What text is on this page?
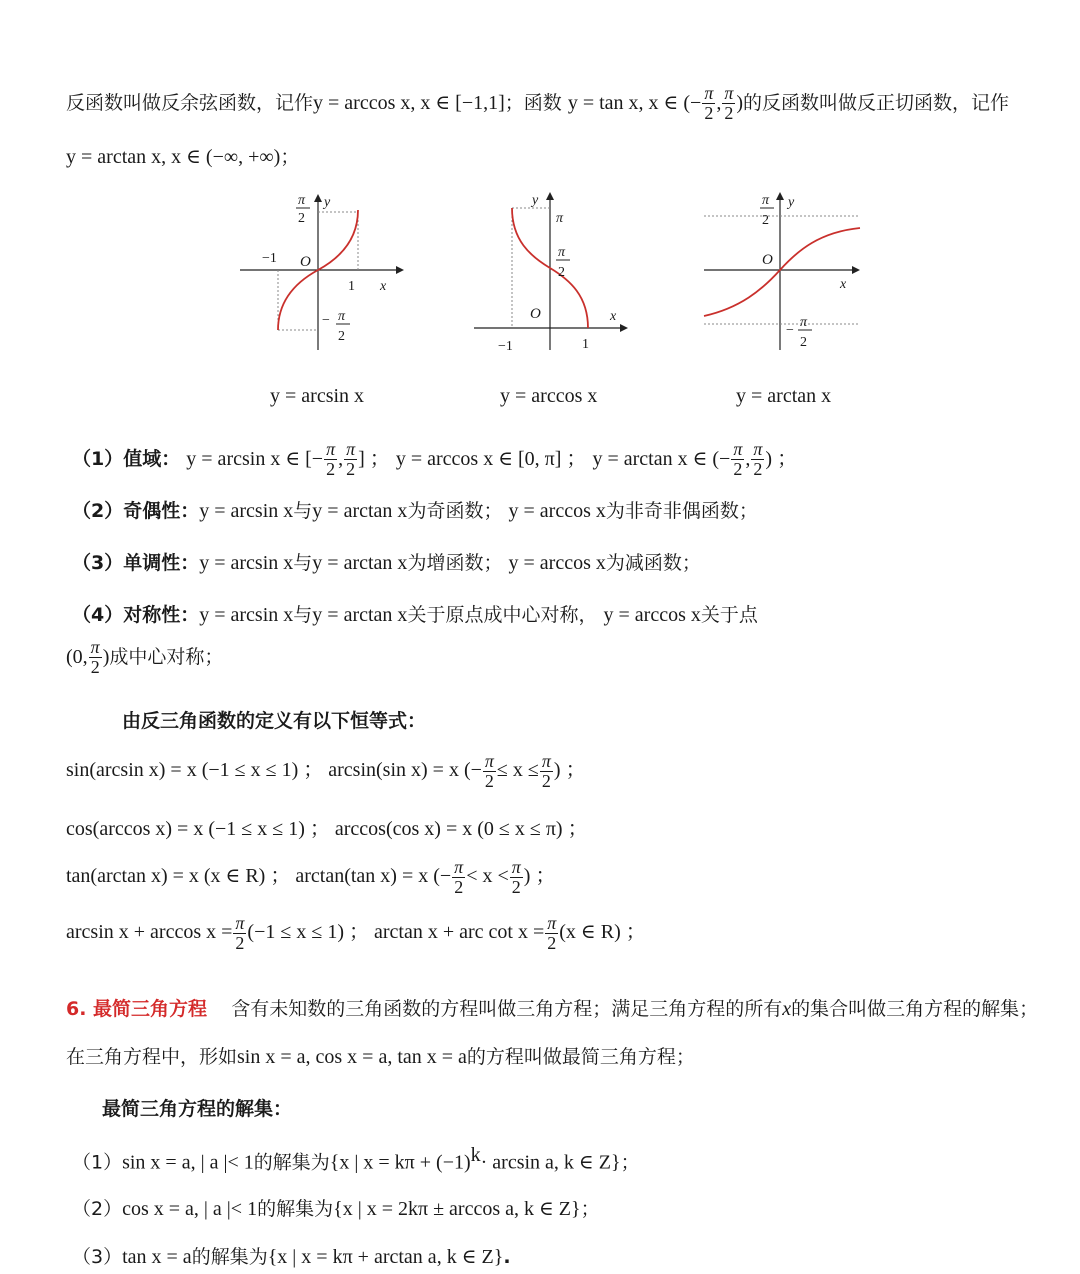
反函数叫做反余弦函数，记作y = arccos x, x ∈ [−1,1]；函数 y = tan x, x ∈ (− $\frac{\pi}{2}$ , $\frac{\pi}{2}$ )的反函数叫做反正切函数，记作
y = arctan x, x ∈ (−∞, +∞)；
π
2
y
−1 O
1 x
− π
2
y = arcsin x
y
π
π
2
O	x
−1	1
y = arccos x
π
2
y
O
x
−
π
2
y = arctan x
（1）值域： y = arcsin x ∈ [− $\frac{\pi}{2}$ , $\frac{\pi}{2}$ ] ； y = arccos x ∈ [0, π] ； y = arctan x ∈ (− $\frac{\pi}{2}$ , $\frac{\pi}{2}$ ) ；
（2）奇偶性：y = arcsin x与y = arctan x为奇函数； y = arccos x为非奇非偶函数；
（3）单调性：y = arcsin x与y = arctan x为增函数； y = arccos x为减函数；
（4）对称性：y = arcsin x与y = arctan x关于原点成中心对称， y = arccos x关于点
(0, $\frac{\pi}{2}$ )成中心对称；
由反三角函数的定义有以下恒等式：
sin(arcsin x) = x (−1 ≤ x ≤ 1) ； arcsin(sin x) = x (− $\frac{\pi}{2} \le x \le \frac{\pi}{2}$ ) ；
cos(arccos x) = x (−1 ≤ x ≤ 1) ； arccos(cos x) = x (0 ≤ x ≤ π) ；
tan(arctan x) = x (x ∈ R) ； arctan(tan x) = x (− $\frac{\pi}{2} < x < \frac{\pi}{2}$ ) ；
$\arcsin x + \arccos x = \frac{\pi}{2} (-1 \le x \le 1)$ ； arctan x + arc $\cot x = \frac{\pi}{2} (x$ ∈ R) ；
6. 最简三角方程 含有未知数的三角函数的方程叫做三角方程；满足三角方程的所有x的集合叫做三角方程的解集；
在三角方程中，形如sin x = a, cos x = a, tan x = a的方程叫做最简三角方程；
最简三角方程的解集：
（1）sin x = a, | a |< 1的解集为{x | $x = k\pi + (-1)^k\cdot \arcsin a$, k ∈ Z}；
（2）cos x = a, | a |< 1的解集为{x | x = 2kπ ± arccos a, k ∈ Z}；
（3）tan x = a的解集为{x | x = kπ + arctan a, k ∈ Z}.
